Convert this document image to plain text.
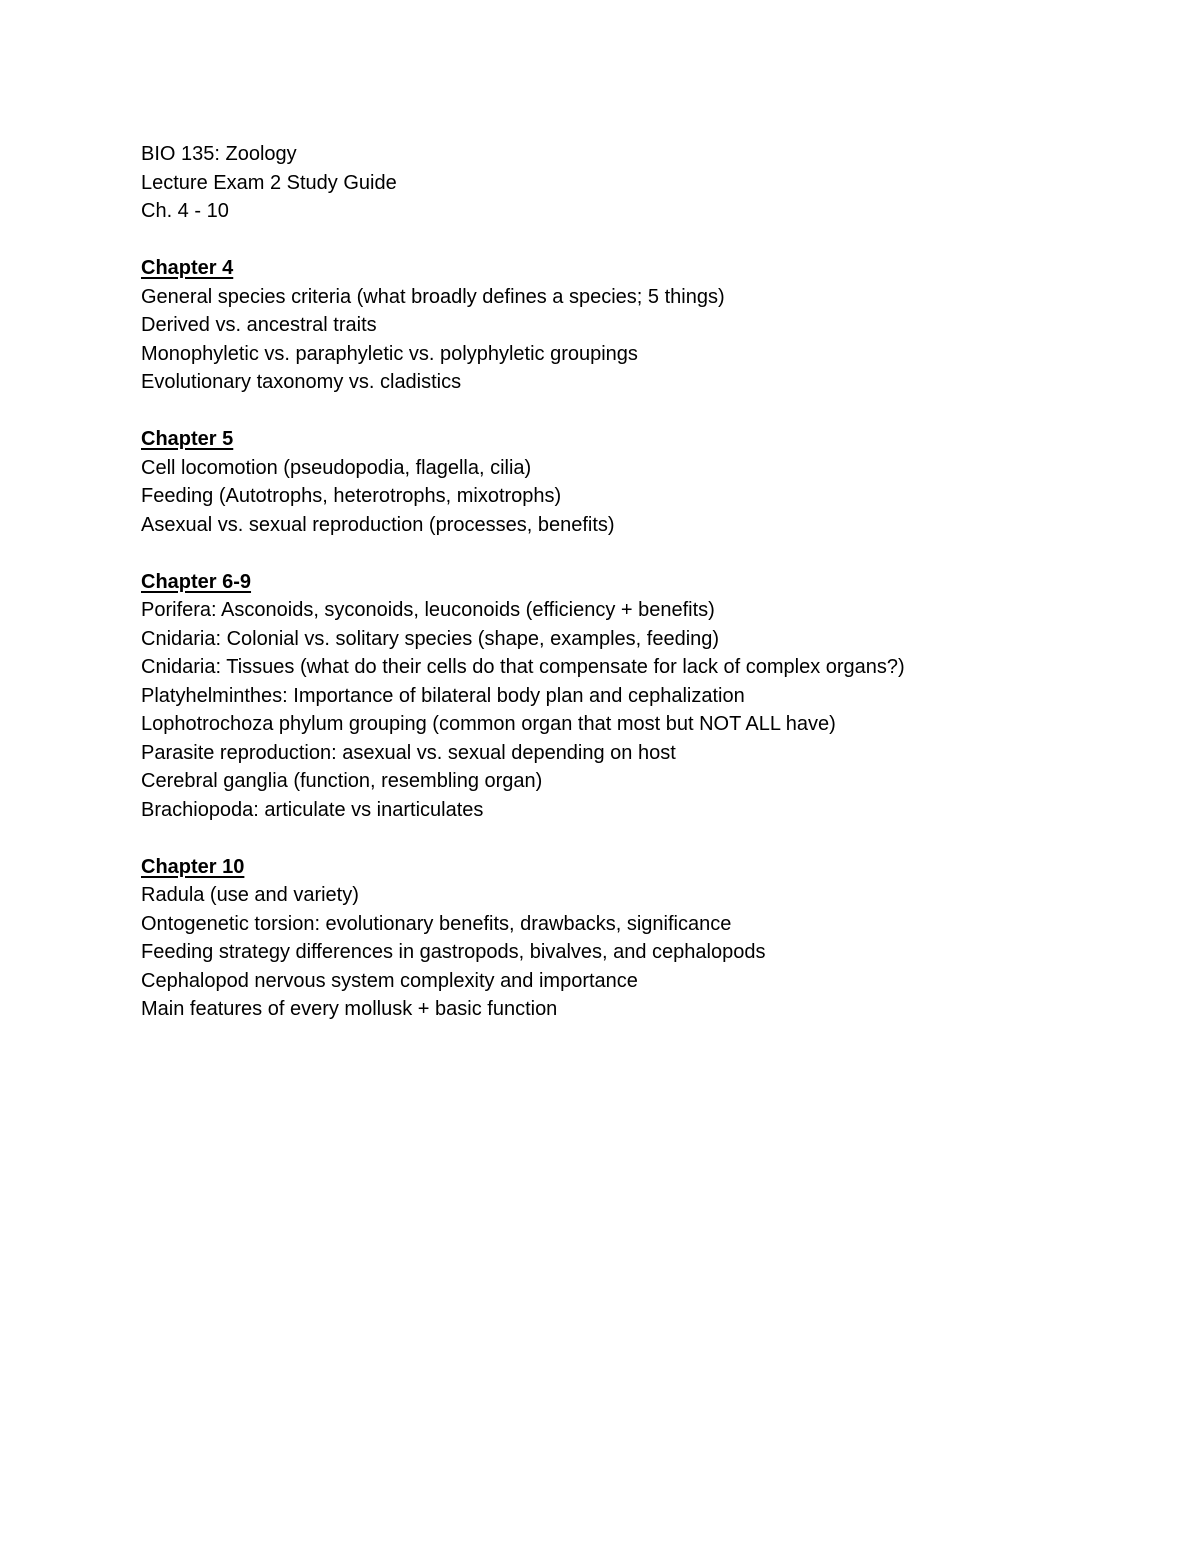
BIO 135: Zoology

Lecture Exam 2 Study Guide

Ch. 4 - 10

Chapter 4

General species criteria (what broadly defines a species; 5 things)

Derived vs. ancestral traits

Monophyletic vs. paraphyletic vs. polyphyletic groupings

Evolutionary taxonomy vs. cladistics

Chapter 5

Cell locomotion (pseudopodia, flagella, cilia)

Feeding (Autotrophs, heterotrophs, mixotrophs)

Asexual vs. sexual reproduction (processes, benefits)

Chapter 6-9

Porifera: Asconoids, syconoids, leuconoids (efficiency + benefits)

Cnidaria: Colonial vs. solitary species (shape, examples, feeding)

Cnidaria: Tissues (what do their cells do that compensate for lack of complex organs?)

Platyhelminthes: Importance of bilateral body plan and cephalization

Lophotrochoza phylum grouping (common organ that most but NOT ALL have)

Parasite reproduction: asexual vs. sexual depending on host

Cerebral ganglia (function, resembling organ)

Brachiopoda: articulate vs inarticulates

Chapter 10

Radula (use and variety)

Ontogenetic torsion: evolutionary benefits, drawbacks, significance

Feeding strategy differences in gastropods, bivalves, and cephalopods

Cephalopod nervous system complexity and importance

Main features of every mollusk + basic function
